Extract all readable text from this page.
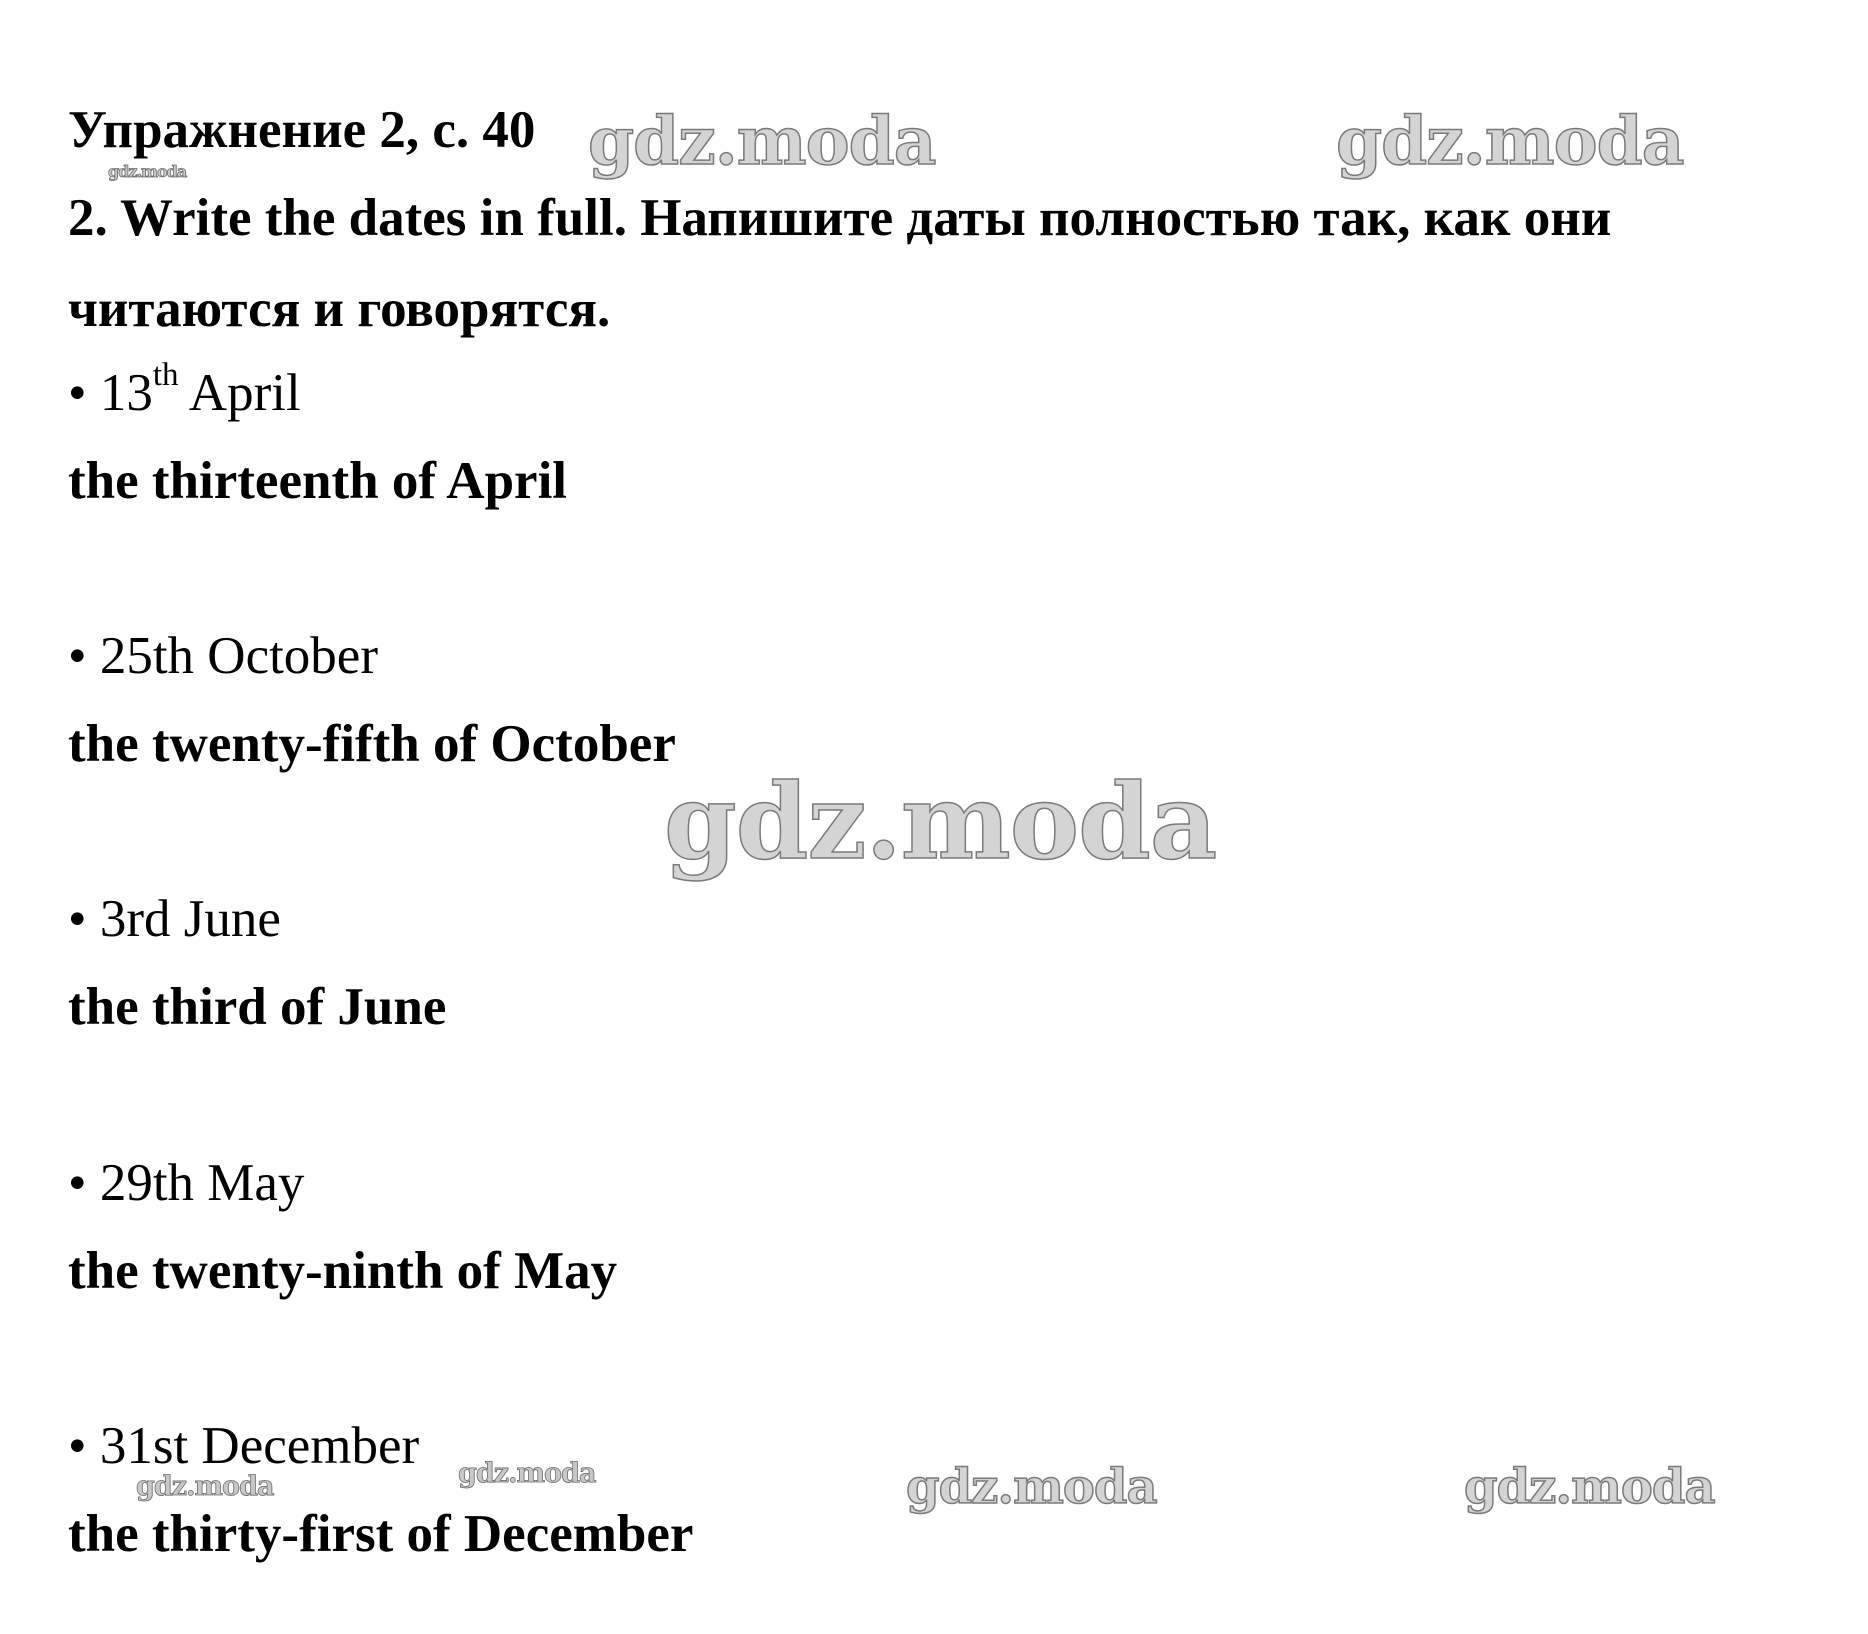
Упражнение 2, с. 40
2. Write the dates in full. Напишите даты полностью так, как они
читаются и говорятся.
• 13th April
the thirteenth of April
• 25th October
the twenty-fifth of October
• 3rd June
the third of June
• 29th May
the twenty-ninth of May
• 31st December
the thirty-first of December
gdz.moda	gdz.moda
gdz.moda
gdz.moda
gdz.moda	gdz.moda	gdz.moda	gdz.moda
